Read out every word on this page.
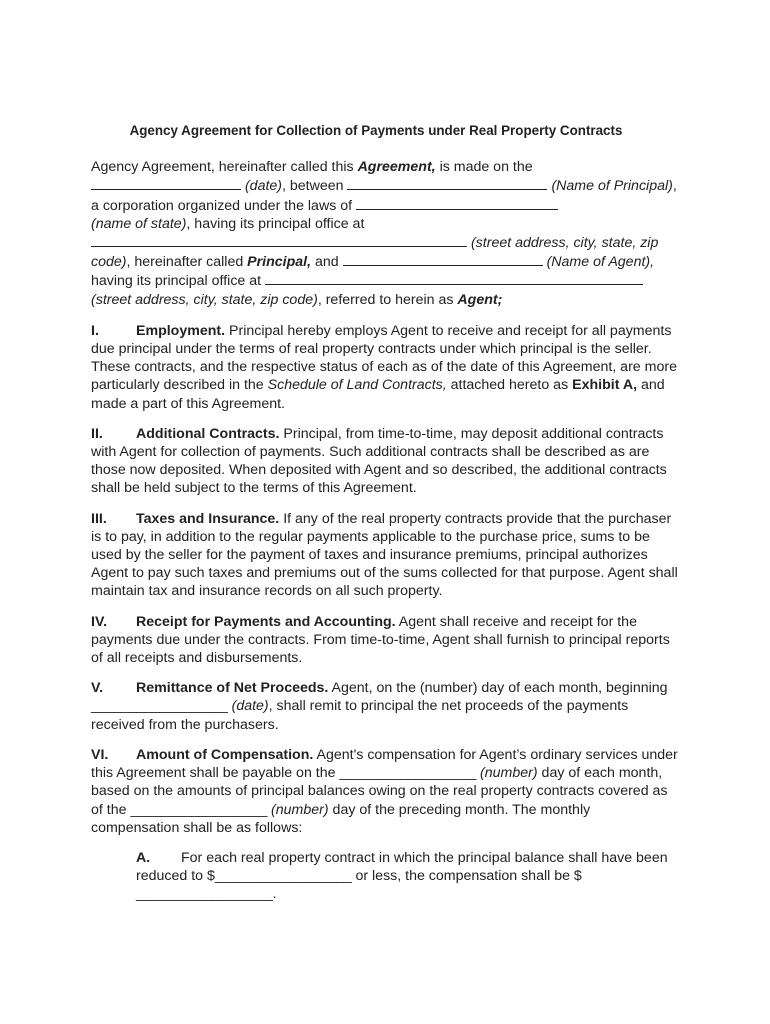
Agency Agreement for Collection of Payments under Real Property Contracts

Agency Agreement, hereinafter called this Agreement, is made on the
(date), between	(Name of Principal), a corporation organized under the laws of
(name of state), having its principal office at
(street address, city, state, zip code), hereinafter called Principal, and	(Name of Agent),
having its principal office at
(street address, city, state, zip code), referred to herein as Agent;

I.	Employment. Principal hereby employs Agent to receive and receipt for all payments due principal under the terms of real property contracts under which principal is the seller. These contracts, and the respective status of each as of the date of this Agreement, are more particularly described in the Schedule of Land Contracts, attached hereto as Exhibit A, and made a part of this Agreement.

II. Additional Contracts. Principal, from time-to-time, may deposit additional contracts with Agent for collection of payments. Such additional contracts shall be described as are those now deposited. When deposited with Agent and so described, the additional contracts shall be held subject to the terms of this Agreement.

III. Taxes and Insurance. If any of the real property contracts provide that the purchaser is to pay, in addition to the regular payments applicable to the purchase price, sums to be used by the seller for the payment of taxes and insurance premiums, principal authorizes Agent to pay such taxes and premiums out of the sums collected for that purpose. Agent shall maintain tax and insurance records on all such property.

IV. Receipt for Payments and Accounting. Agent shall receive and receipt for the payments due under the contracts. From time-to-time, Agent shall furnish to principal reports of all receipts and disbursements.

V. Remittance of Net Proceeds. Agent, on the (number) day of each month, beginning __________________ (date), shall remit to principal the net proceeds of the payments received from the purchasers.

VI. Amount of Compensation. Agent's compensation for Agent’s ordinary services under this Agreement shall be payable on the __________________ (number) day of each month, based on the amounts of principal balances owing on the real property contracts covered as of the __________________ (number) day of the preceding month. The monthly compensation shall be as follows:

A. For each real property contract in which the principal balance shall have been reduced to $__________________ or less, the compensation shall be $__________________.
